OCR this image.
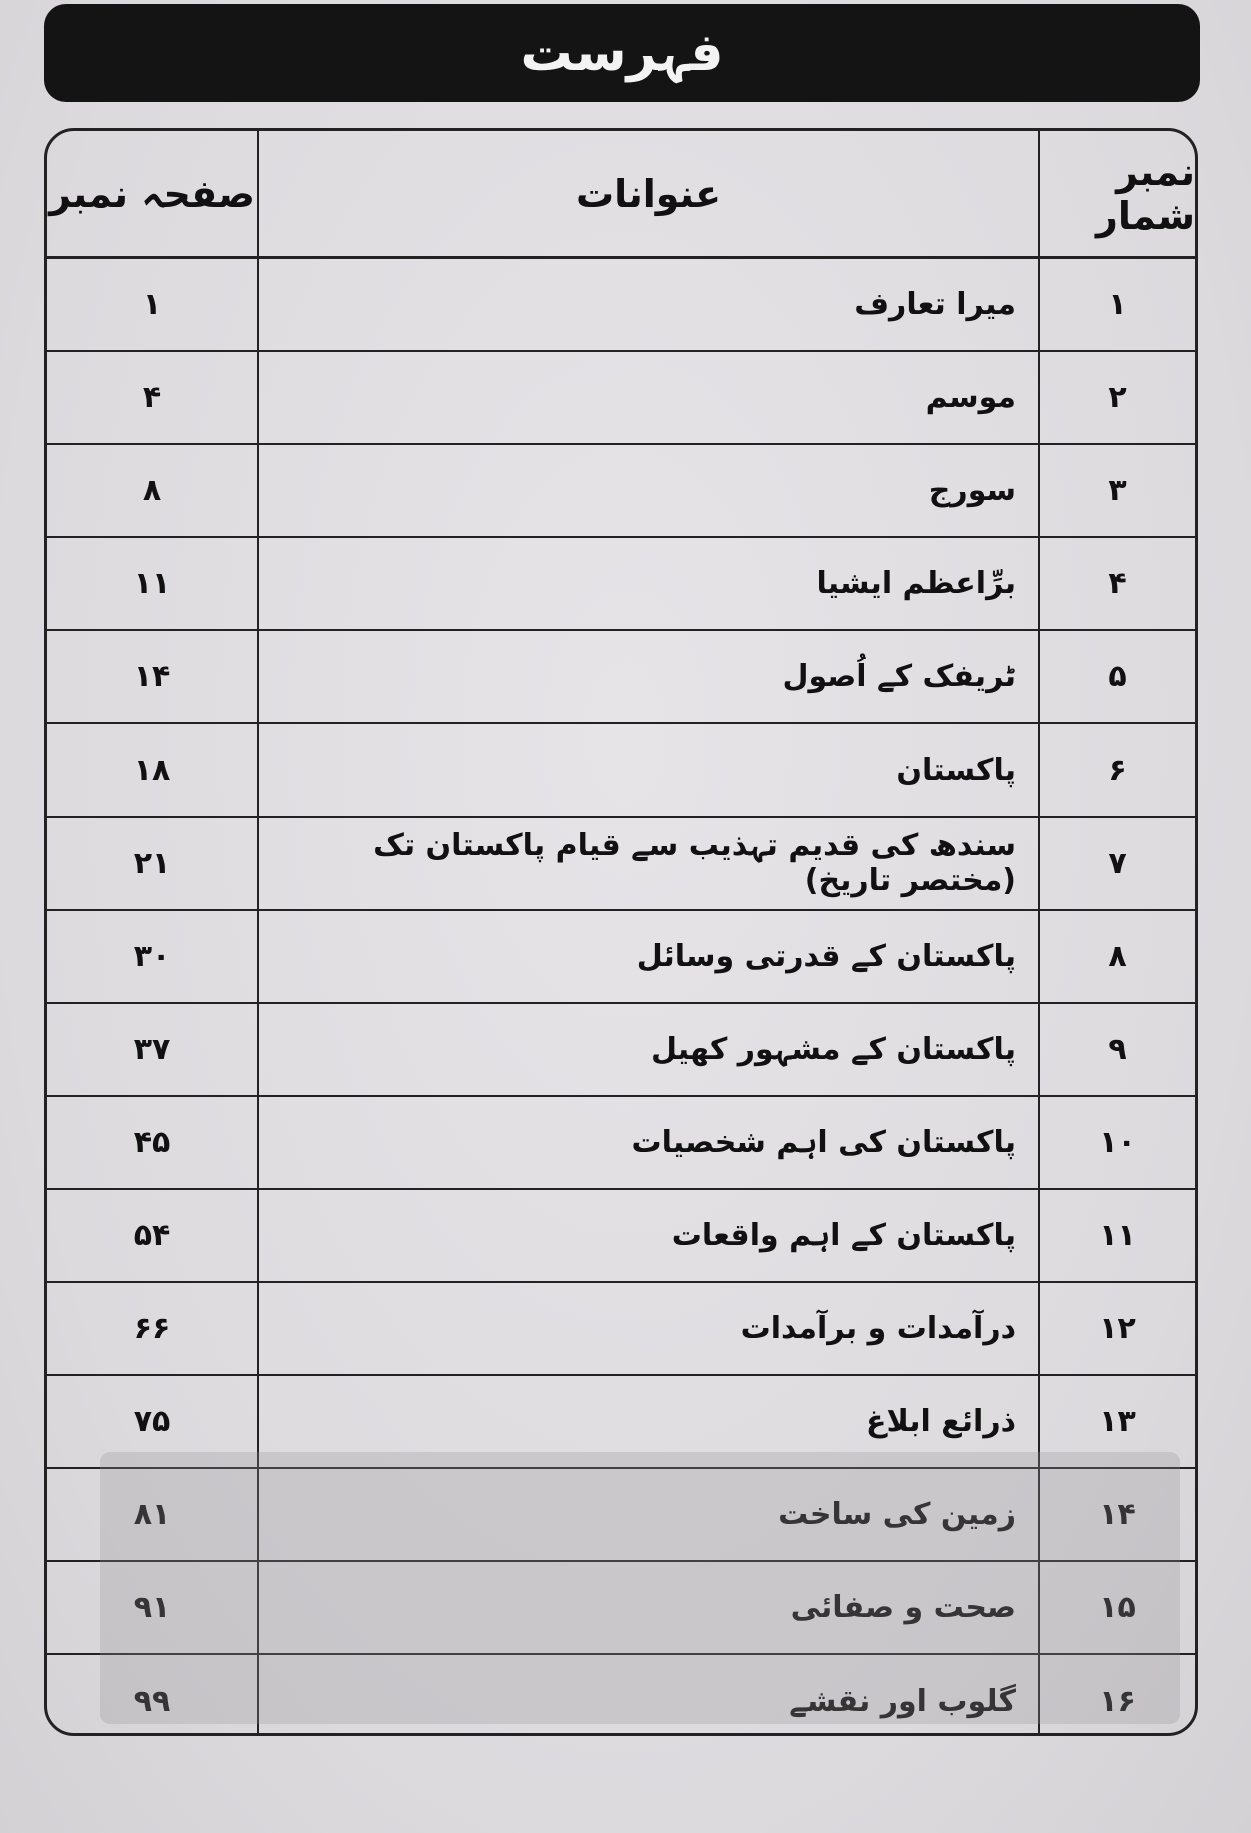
فہرست
نمبر شمار
عنوانات
صفحہ نمبر
۱
میرا تعارف
۱
۲
موسم
۴
۳
سورج
۸
۴
برِّاعظم ایشیا
۱۱
۵
ٹریفک کے اُصول
۱۴
۶
پاکستان
۱۸
۷
سندھ کی قدیم تہذیب سے قیام پاکستان تک (مختصر تاریخ)
۲۱
۸
پاکستان کے قدرتی وسائل
۳۰
۹
پاکستان کے مشہور کھیل
۳۷
۱۰
پاکستان کی اہم شخصیات
۴۵
۱۱
پاکستان کے اہم واقعات
۵۴
۱۲
درآمدات و برآمدات
۶۶
۱۳
ذرائع ابلاغ
۷۵
۱۴
زمین کی ساخت
۸۱
۱۵
صحت و صفائی
۹۱
۱۶
گلوب اور نقشے
۹۹
